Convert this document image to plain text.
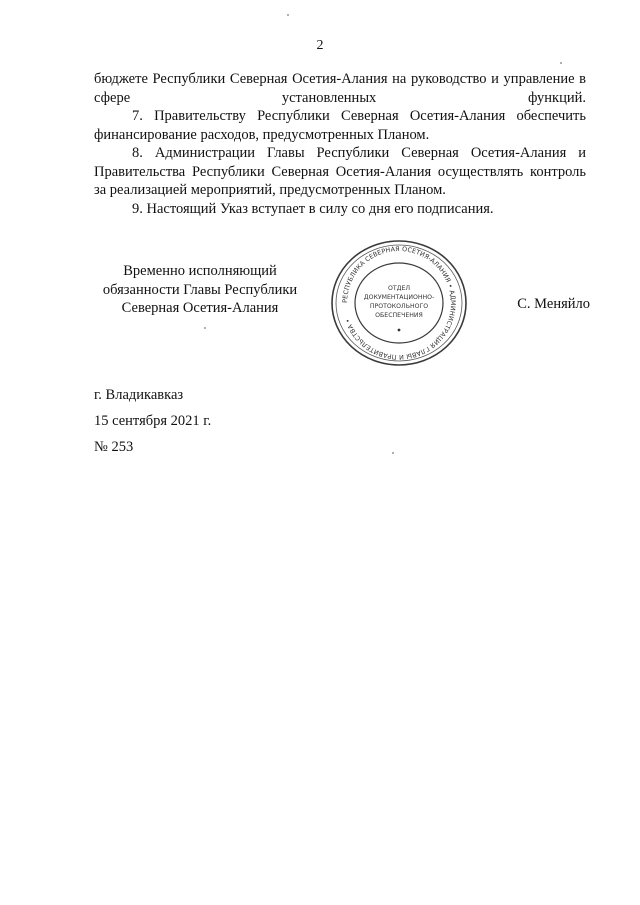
2

бюджете Республики Северная Осетия-Алания на руководство и управление в сфере установленных функций.

7. Правительству Республики Северная Осетия-Алания обеспечить финансирование расходов, предусмотренных Планом.

8. Администрации Главы Республики Северная Осетия-Алания и Правительства Республики Северная Осетия-Алания осуществлять контроль за реализацией мероприятий, предусмотренных Планом.

9. Настоящий Указ вступает в силу со дня его подписания.

Временно исполняющий
обязанности Главы Республики
Северная Осетия-Алания	РЕСПУБЛИКА СЕВЕРНАЯ ОСЕТИЯ-АЛАНИЯ • АДМИНИСТРАЦИЯ ГЛАВЫ И ПРАВИТЕЛЬСТВА •
ОТДЕЛ
ДОКУМЕНТАЦИОННО-
ПРОТОКОЛЬНОГО
ОБЕСПЕЧЕНИЯ
С. Меняйло
г. Владикавказ
15 сентября 2021 г.
№ 253
